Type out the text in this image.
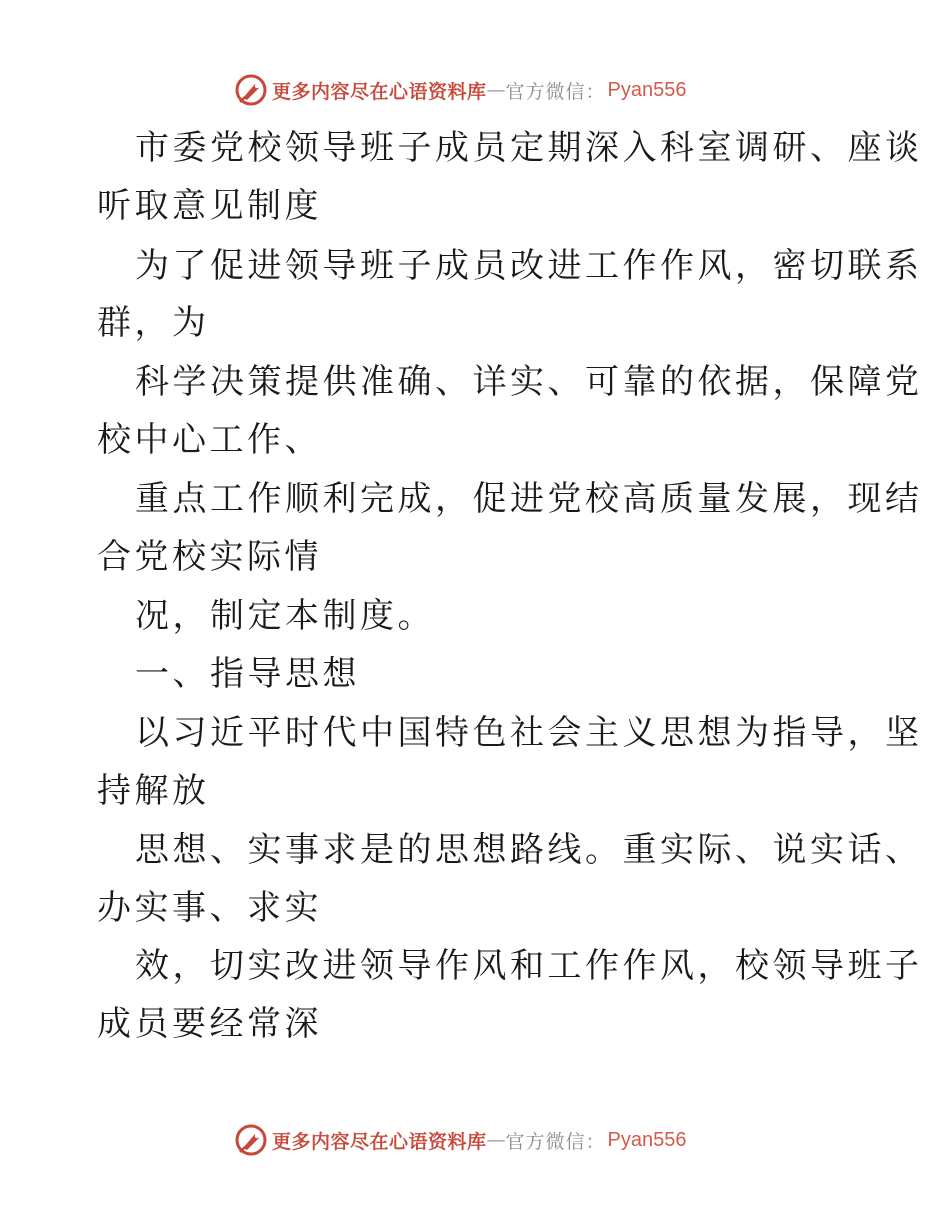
更多内容尽在心语资料库 — 官方微信： Pyan556
市委党校领导班子成员定期深入科室调研、座谈
听取意见制度
为了促进领导班子成员改进工作作风，密切联系
群，为
科学决策提供准确、详实、可靠的依据，保障党
校中心工作、
重点工作顺利完成，促进党校高质量发展，现结
合党校实际情
况，制定本制度。
一、指导思想
以习近平时代中国特色社会主义思想为指导，坚
持解放
思想、实事求是的思想路线。重实际、说实话、
办实事、求实
效，切实改进领导作风和工作作风，校领导班子
成员要经常深
更多内容尽在心语资料库 — 官方微信： Pyan556
